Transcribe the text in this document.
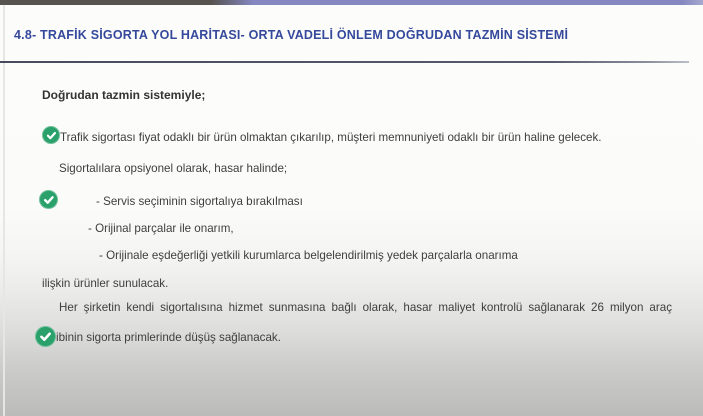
4.8- TRAFİK SİGORTA YOL HARİTASI- ORTA VADELİ ÖNLEM DOĞRUDAN TAZMİN SİSTEMİ
Doğrudan tazmin sistemiyle;
Trafik sigortası fiyat odaklı bir ürün olmaktan çıkarılıp, müşteri memnuniyeti odaklı bir ürün haline gelecek.
Sigortalılara opsiyonel olarak, hasar halinde;
- Servis seçiminin sigortalıya bırakılması
- Orijinal parçalar ile onarım,
- Orijinale eşdeğerliği yetkili kurumlarca belgelendirilmiş yedek parçalarla onarıma
ilişkin ürünler sunulacak.
Her şirketin kendi sigortalısına hizmet sunmasına bağlı olarak, hasar maliyet kontrolü sağlanarak 26 milyon araç
ibinin sigorta primlerinde düşüş sağlanacak.
